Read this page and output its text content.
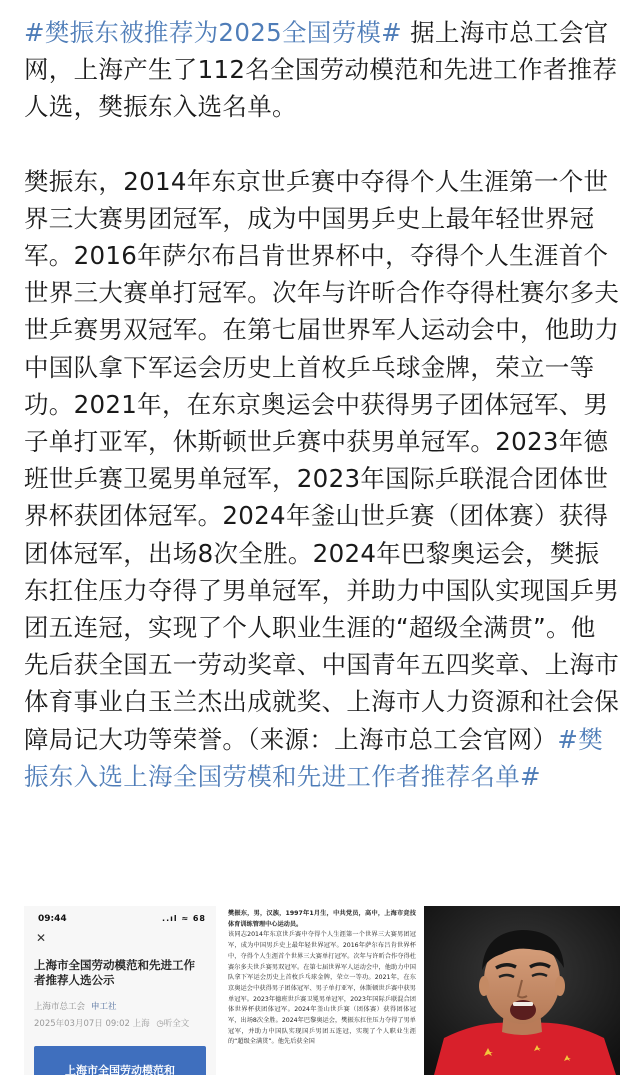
#樊振东被推荐为2025全国劳模# 据上海市总工会官网，上海产生了112名全国劳动模范和先进工作者推荐人选，樊振东入选名单。

樊振东，2014年东京世乒赛中夺得个人生涯第一个世界三大赛男团冠军，成为中国男乒史上最年轻世界冠军。2016年萨尔布吕肯世界杯中，夺得个人生涯首个世界三大赛单打冠军。次年与许昕合作夺得杜赛尔多夫世乒赛男双冠军。在第七届世界军人运动会中，他助力中国队拿下军运会历史上首枚乒乓球金牌，荣立一等功。2021年，在东京奥运会中获得男子团体冠军、男子单打亚军，休斯顿世乒赛中获男单冠军。2023年德班世乒赛卫冕男单冠军，2023年国际乒联混合团体世界杯获团体冠军。2024年釜山世乒赛（团体赛）获得团体冠军，出场8次全胜。2024年巴黎奥运会，樊振东扛住压力夺得了男单冠军，并助力中国队实现国乒男团五连冠，实现了个人职业生涯的“超级全满贯”。他先后获全国五一劳动奖章、中国青年五四奖章、上海市体育事业白玉兰杰出成就奖、上海市人力资源和社会保障局记大功等荣誉。（来源：上海市总工会官网）#樊振东入选上海全国劳模和先进工作者推荐名单#

09:44	..ıl ≈ 68
✕
上海市全国劳动模范和先进工作者推荐人选公示
上海市总工会 申工社
2025年03月07日 09:02 上海 ◷听全文
上海市全国劳动模范和
樊振东，男，汉族，1997年1月生，中共党员，高中，上海市竞技体育训练管理中心运动员。
该同志2014年东京世乒赛中夺得个人生涯第一个世界三大赛男团冠军，成为中国男乒史上最年轻世界冠军。2016年萨尔布吕肯世界杯中，夺得个人生涯首个世界三大赛单打冠军。次年与许昕合作夺得杜赛尔多夫世乒赛男双冠军。在第七届世界军人运动会中，他助力中国队拿下军运会历史上首枚乒乓球金牌，荣立一等功。2021年，在东京奥运会中获得男子团体冠军、男子单打亚军，休斯顿世乒赛中获男单冠军。2023年德班世乒赛卫冕男单冠军，2023年国际乒联混合团体世界杯获团体冠军。2024年釜山世乒赛（团体赛）获得团体冠军，出场8次全胜。2024年巴黎奥运会，樊振东扛住压力夺得了男单冠军，并助力中国队实现国乒男团五连冠，实现了个人职业生涯的“超级全满贯”。他先后获全国
